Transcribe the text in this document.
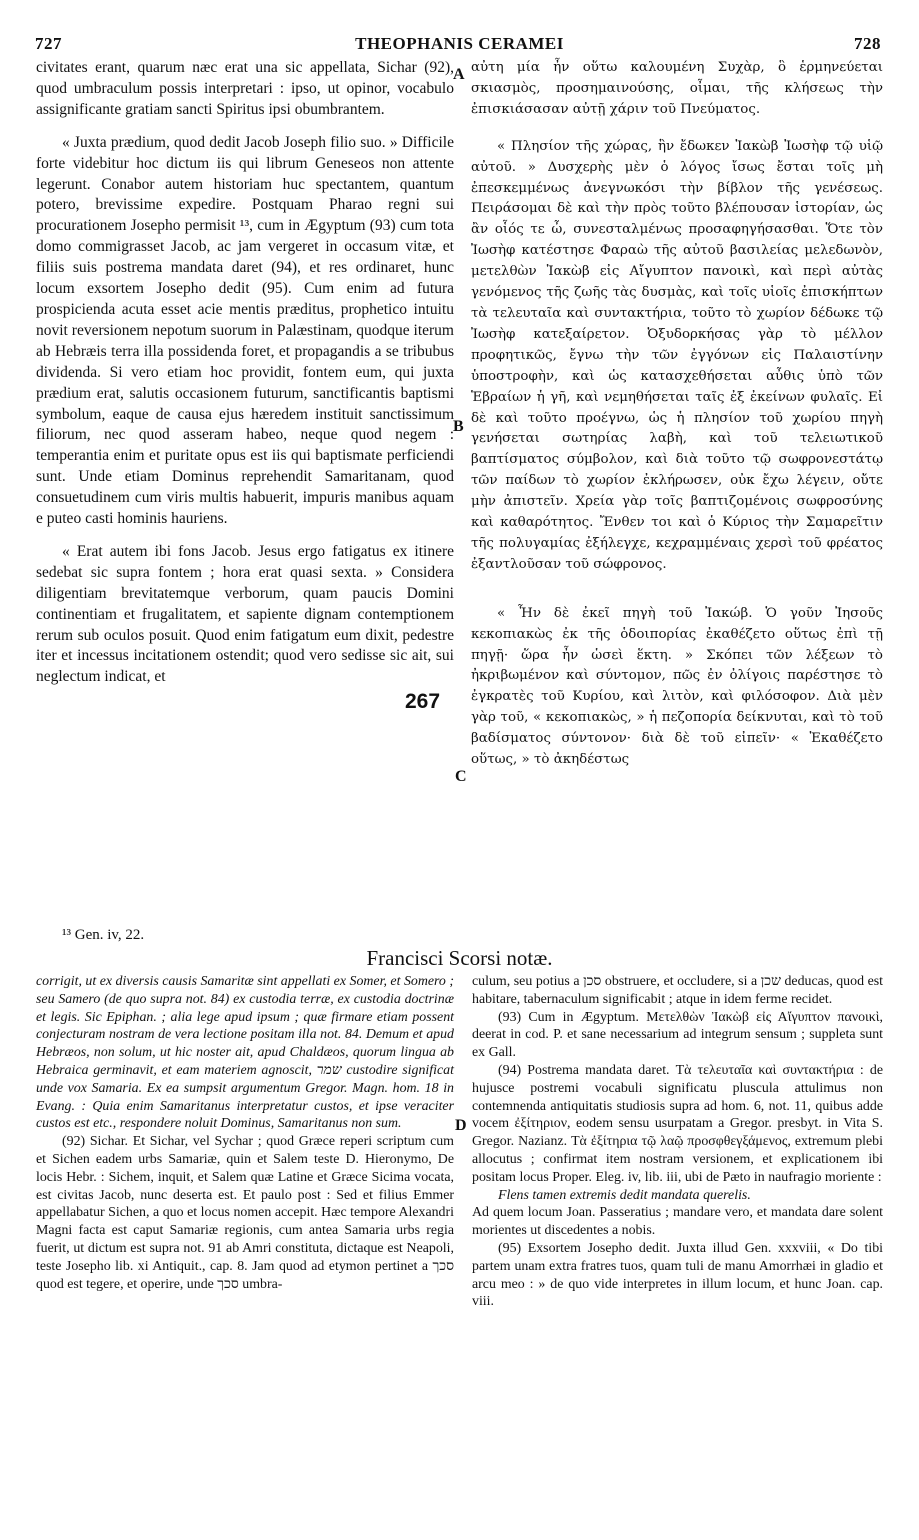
727	THEOPHANIS CERAMEI	728

civitates erant, quarum næc erat una sic appellata, Sichar (92), quod umbraculum possis interpretari : ipso, ut opinor, vocabulo assignificante gratiam sancti Spiritus ipsi obumbrantem.

« Juxta prædium, quod dedit Jacob Joseph filio suo. » Difficile forte videbitur hoc dictum iis qui librum Geneseos non attente legerunt. Conabor autem historiam huc spectantem, quantum potero, brevissime expedire. Postquam Pharao regni sui procurationem Josepho permisit ¹³, cum in Ægyptum (93) cum tota domo commigrasset Jacob, ac jam vergeret in occasum vitæ, et filiis suis postrema mandata daret (94), et res ordinaret, hunc locum exsortem Josepho dedit (95). Cum enim ad futura prospicienda acuta esset acie mentis præditus, prophetico intuitu novit reversionem nepotum suorum in Palæstinam, quodque iterum ab Hebræis terra illa possidenda foret, et propagandis a se tribubus dividenda. Si vero etiam hoc providit, fontem eum, qui juxta prædium erat, salutis occasionem futurum, sanctificantis baptismi symbolum, eaque de causa ejus hæredem instituit sanctissimum filiorum, nec quod asseram habeo, neque quod negem : temperantia enim et puritate opus est iis qui baptismate perficiendi sunt. Unde etiam Dominus reprehendit Samaritanam, quod consuetudinem cum viris multis habuerit, impuris manibus aquam e puteo casti hominis hauriens.

« Erat autem ibi fons Jacob. Jesus ergo fatigatus ex itinere sedebat sic supra fontem ; hora erat quasi sexta. » Considera diligentiam brevitatemque verborum, quam paucis Domini continentiam et frugalitatem, et sapiente dignam contemptionem rerum sub oculos posuit. Quod enim fatigatum eum dixit, pedestre iter et incessus incitationem ostendit; quod vero sedisse sic ait, sui neglectum indicat, et

αὐτη μία ἦν οὕτω καλουμένη Συχὰρ, ὃ ἑρμηνεύεται σκιασμὸς, προσημαινούσης, οἶμαι, τῆς κλήσεως τὴν ἐπισκιάσασαν αὐτῇ χάριν τοῦ Πνεύματος.

« Πλησίον τῆς χώρας, ἣν ἔδωκεν Ἰακὼβ Ἰωσὴφ τῷ υἱῷ αὐτοῦ. » Δυσχερὴς μὲν ὁ λόγος ἴσως ἔσται τοῖς μὴ ἐπεσκεμμένως ἀνεγνωκόσι τὴν βίβλον τῆς γενέσεως. Πειράσομαι δὲ καὶ τὴν πρὸς τοῦτο βλέπουσαν ἱστορίαν, ὡς ἂν οἷός τε ὦ, συνεσταλμένως προσαφηγήσασθαι. Ὅτε τὸν Ἰωσὴφ κατέστησε Φαραὼ τῆς αὐτοῦ βασιλείας μελεδωνὸν, μετελθὼν Ἰακὼβ εἰς Αἴγυπτον πανοικὶ, καὶ περὶ αὐτὰς γενόμενος τῆς ζωῆς τὰς δυσμὰς, καὶ τοῖς υἱοῖς ἐπισκήπτων τὰ τελευταῖα καὶ συντακτήρια, τοῦτο τὸ χωρίον δέδωκε τῷ Ἰωσὴφ κατεξαίρετον. Ὀξυδορκήσας γὰρ τὸ μέλλον προφητικῶς, ἔγνω τὴν τῶν ἐγγόνων εἰς Παλαιστίνην ὑποστροφὴν, καὶ ὡς κατασχεθήσεται αὖθις ὑπὸ τῶν Ἑβραίων ἡ γῆ, καὶ νεμηθήσεται ταῖς ἐξ ἐκείνων φυλαῖς. Εἰ δὲ καὶ τοῦτο προέγνω, ὡς ἡ πλησίον τοῦ χωρίου πηγὴ γενήσεται σωτηρίας λαβὴ, καὶ τοῦ τελειωτικοῦ βαπτίσματος σύμβολον, καὶ διὰ τοῦτο τῷ σωφρονεστάτῳ τῶν παίδων τὸ χωρίον ἐκλήρωσεν, οὐκ ἔχω λέγειν, οὔτε μὴν ἀπιστεῖν. Χρεία γὰρ τοῖς βαπτιζομένοις σωφροσύνης καὶ καθαρότητος. Ἔνθεν τοι καὶ ὁ Κύριος τὴν Σαμαρεῖτιν τῆς πολυγαμίας ἐξήλεγχε, κεχραμμέναις χερσὶ τοῦ φρέατος ἐξαντλοῦσαν τοῦ σώφρονος.

« Ἦν δὲ ἐκεῖ πηγὴ τοῦ Ἰακώβ. Ὁ γοῦν Ἰησοῦς κεκοπιακὼς ἐκ τῆς ὁδοιπορίας ἐκαθέζετο οὕτως ἐπὶ τῇ πηγῇ· ὥρα ἦν ὡσεὶ ἕκτη. » Σκόπει τῶν λέξεων τὸ ἠκριβωμένον καὶ σύντομον, πῶς ἐν ὀλίγοις παρέστησε τὸ ἐγκρατὲς τοῦ Κυρίου, καὶ λιτὸν, καὶ φιλόσοφον. Διὰ μὲν γὰρ τοῦ, « κεκοπιακὼς, » ἡ πεζοπορία δείκνυται, καὶ τὸ τοῦ βαδίσματος σύντονον· διὰ δὲ τοῦ εἰπεῖν· « Ἐκαθέζετο οὕτως, » τὸ ἀκηδέστως

A
B
C
D
267
¹³ Gen. iv, 22.
Francisci Scorsi notæ.

corrigit, ut ex diversis causis Samaritæ sint appellati ex Somer, et Somero ; seu Samero (de quo supra not. 84) ex custodia terræ, ex custodia doctrinæ et legis. Sic Epiphan. ; alia lege apud ipsum ; quæ firmare etiam possent conjecturam nostram de vera lectione positam illa not. 84. Demum et apud Hebræos, non solum, ut hic noster ait, apud Chaldæos, quorum lingua ab Hebraica germinavit, et eam materiem agnoscit, שמר custodire significat unde vox Samaria. Ex ea sumpsit argumentum Gregor. Magn. hom. 18 in Evang. : Quia enim Samaritanus interpretatur custos, et ipse veraciter custos est etc., respondere noluit Dominus, Samaritanus non sum.

(92) Sichar. Et Sichar, vel Sychar ; quod Græce reperi scriptum cum et Sichen eadem urbs Samariæ, quin et Salem teste D. Hieronymo, De locis Hebr. : Sichem, inquit, et Salem quæ Latine et Græce Sicima vocata, est civitas Jacob, nunc deserta est. Et paulo post : Sed et filius Emmer appellabatur Sichen, a quo et locus nomen accepit. Hæc tempore Alexandri Magni facta est caput Samariæ regionis, cum antea Samaria urbs regia fuerit, ut dictum est supra not. 91 ab Amri constituta, dictaque est Neapoli, teste Josepho lib. xi Antiquit., cap. 8. Jam quod ad etymon pertinet a סכך quod est tegere, et operire, unde סכך umbra-

culum, seu potius a סכן obstruere, et occludere, si a שכן deducas, quod est habitare, tabernaculum significabit ; atque in idem ferme recidet.

(93) Cum in Ægyptum. Μετελθὼν Ἰακὼβ εἰς Αἴγυπτον πανοικὶ, deerat in cod. P. et sane necessarium ad integrum sensum ; suppleta sunt ex Gall.

(94) Postrema mandata daret. Τὰ τελευταῖα καὶ συντακτήρια : de hujusce postremi vocabuli significatu pluscula attulimus non contemnenda antiquitatis studiosis supra ad hom. 6, not. 11, quibus adde vocem ἐξίτηριον, eodem sensu usurpatam a Gregor. presbyt. in Vita S. Gregor. Nazianz. Τὰ ἐξίτηρια τῷ λαῷ προσφθεγξάμενος, extremum plebi allocutus ; confirmat item nostram versionem, et explicationem ibi positam locus Proper. Eleg. iv, lib. iii, ubi de Pæto in naufragio moriente :

Flens tamen extremis dedit mandata querelis.

Ad quem locum Joan. Passeratius ; mandare vero, et mandata dare solent morientes ut discedentes a nobis.

(95) Exsortem Josepho dedit. Juxta illud Gen. xxxviii, « Do tibi partem unam extra fratres tuos, quam tuli de manu Amorrhæi in gladio et arcu meo : » de quo vide interpretes in illum locum, et hunc Joan. cap. viii.
